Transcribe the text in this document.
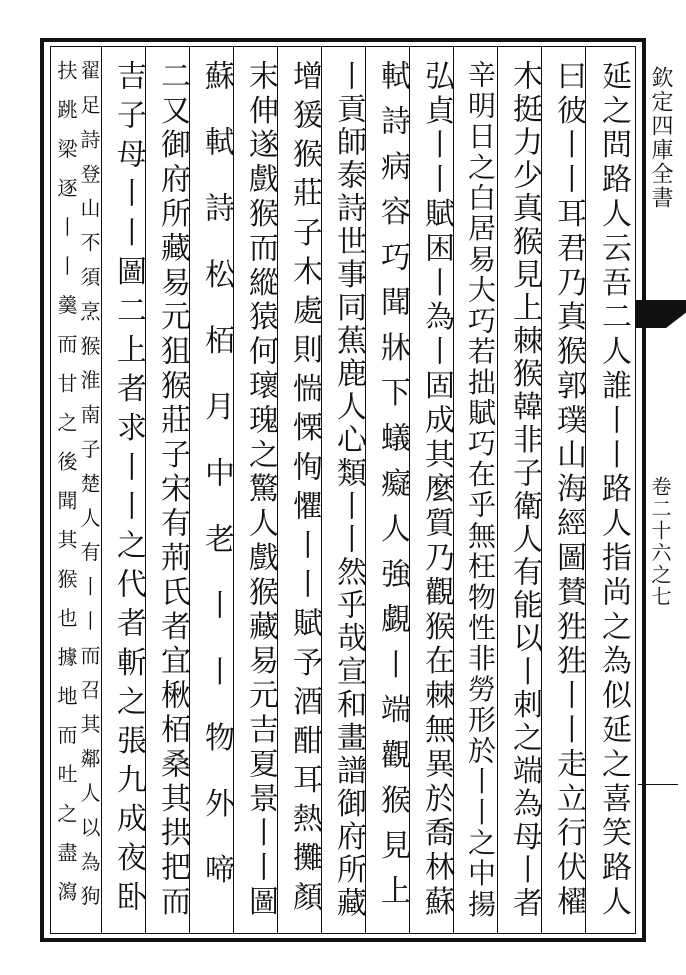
欽定四庫全書
卷二十六之七
延之問路人云吾二人誰丨丨路人指尚之為似延之喜笑路人
曰彼丨丨耳君乃真猴郭璞山海經圖賛狌狌丨丨走立行伏櫂
木挺力少真猴見上棘猴韓非子衛人有能以丨刺之端為母丨者
辛明日之白居易大巧若拙賦巧在乎無枉物性非勞形於丨丨之中揚
弘貞丨丨賦困丨為丨固成其麼質乃觀猴在棘無異於喬林蘇
軾詩病容巧聞牀下蟻癡人強覷丨端觀猴見上
丨貢師泰詩世事同蕉鹿人心類丨丨然乎哉宣和畫譜御府所藏
增猨猴莊子木處則惴慄恂懼丨丨賦予酒酣耳熱攤顏
末伸遂戲猴而縱猿何瓌瑰之驚人戲猴藏易元吉夏景丨丨圖
蘇軾詩松栢月中老丨丨物外啼
二又御府所藏易元狙猴莊子宋有荊氏者宜楸栢桑其拱把而
吉子母丨丨圖二上者求丨丨之代者斬之張九成夜卧
翟足詩登山不須烹猴淮南子楚人有丨丨而召其鄰人以為狗
扶跳梁逐丨丨羹而甘之後聞其猴也據地而吐之盡瀉
